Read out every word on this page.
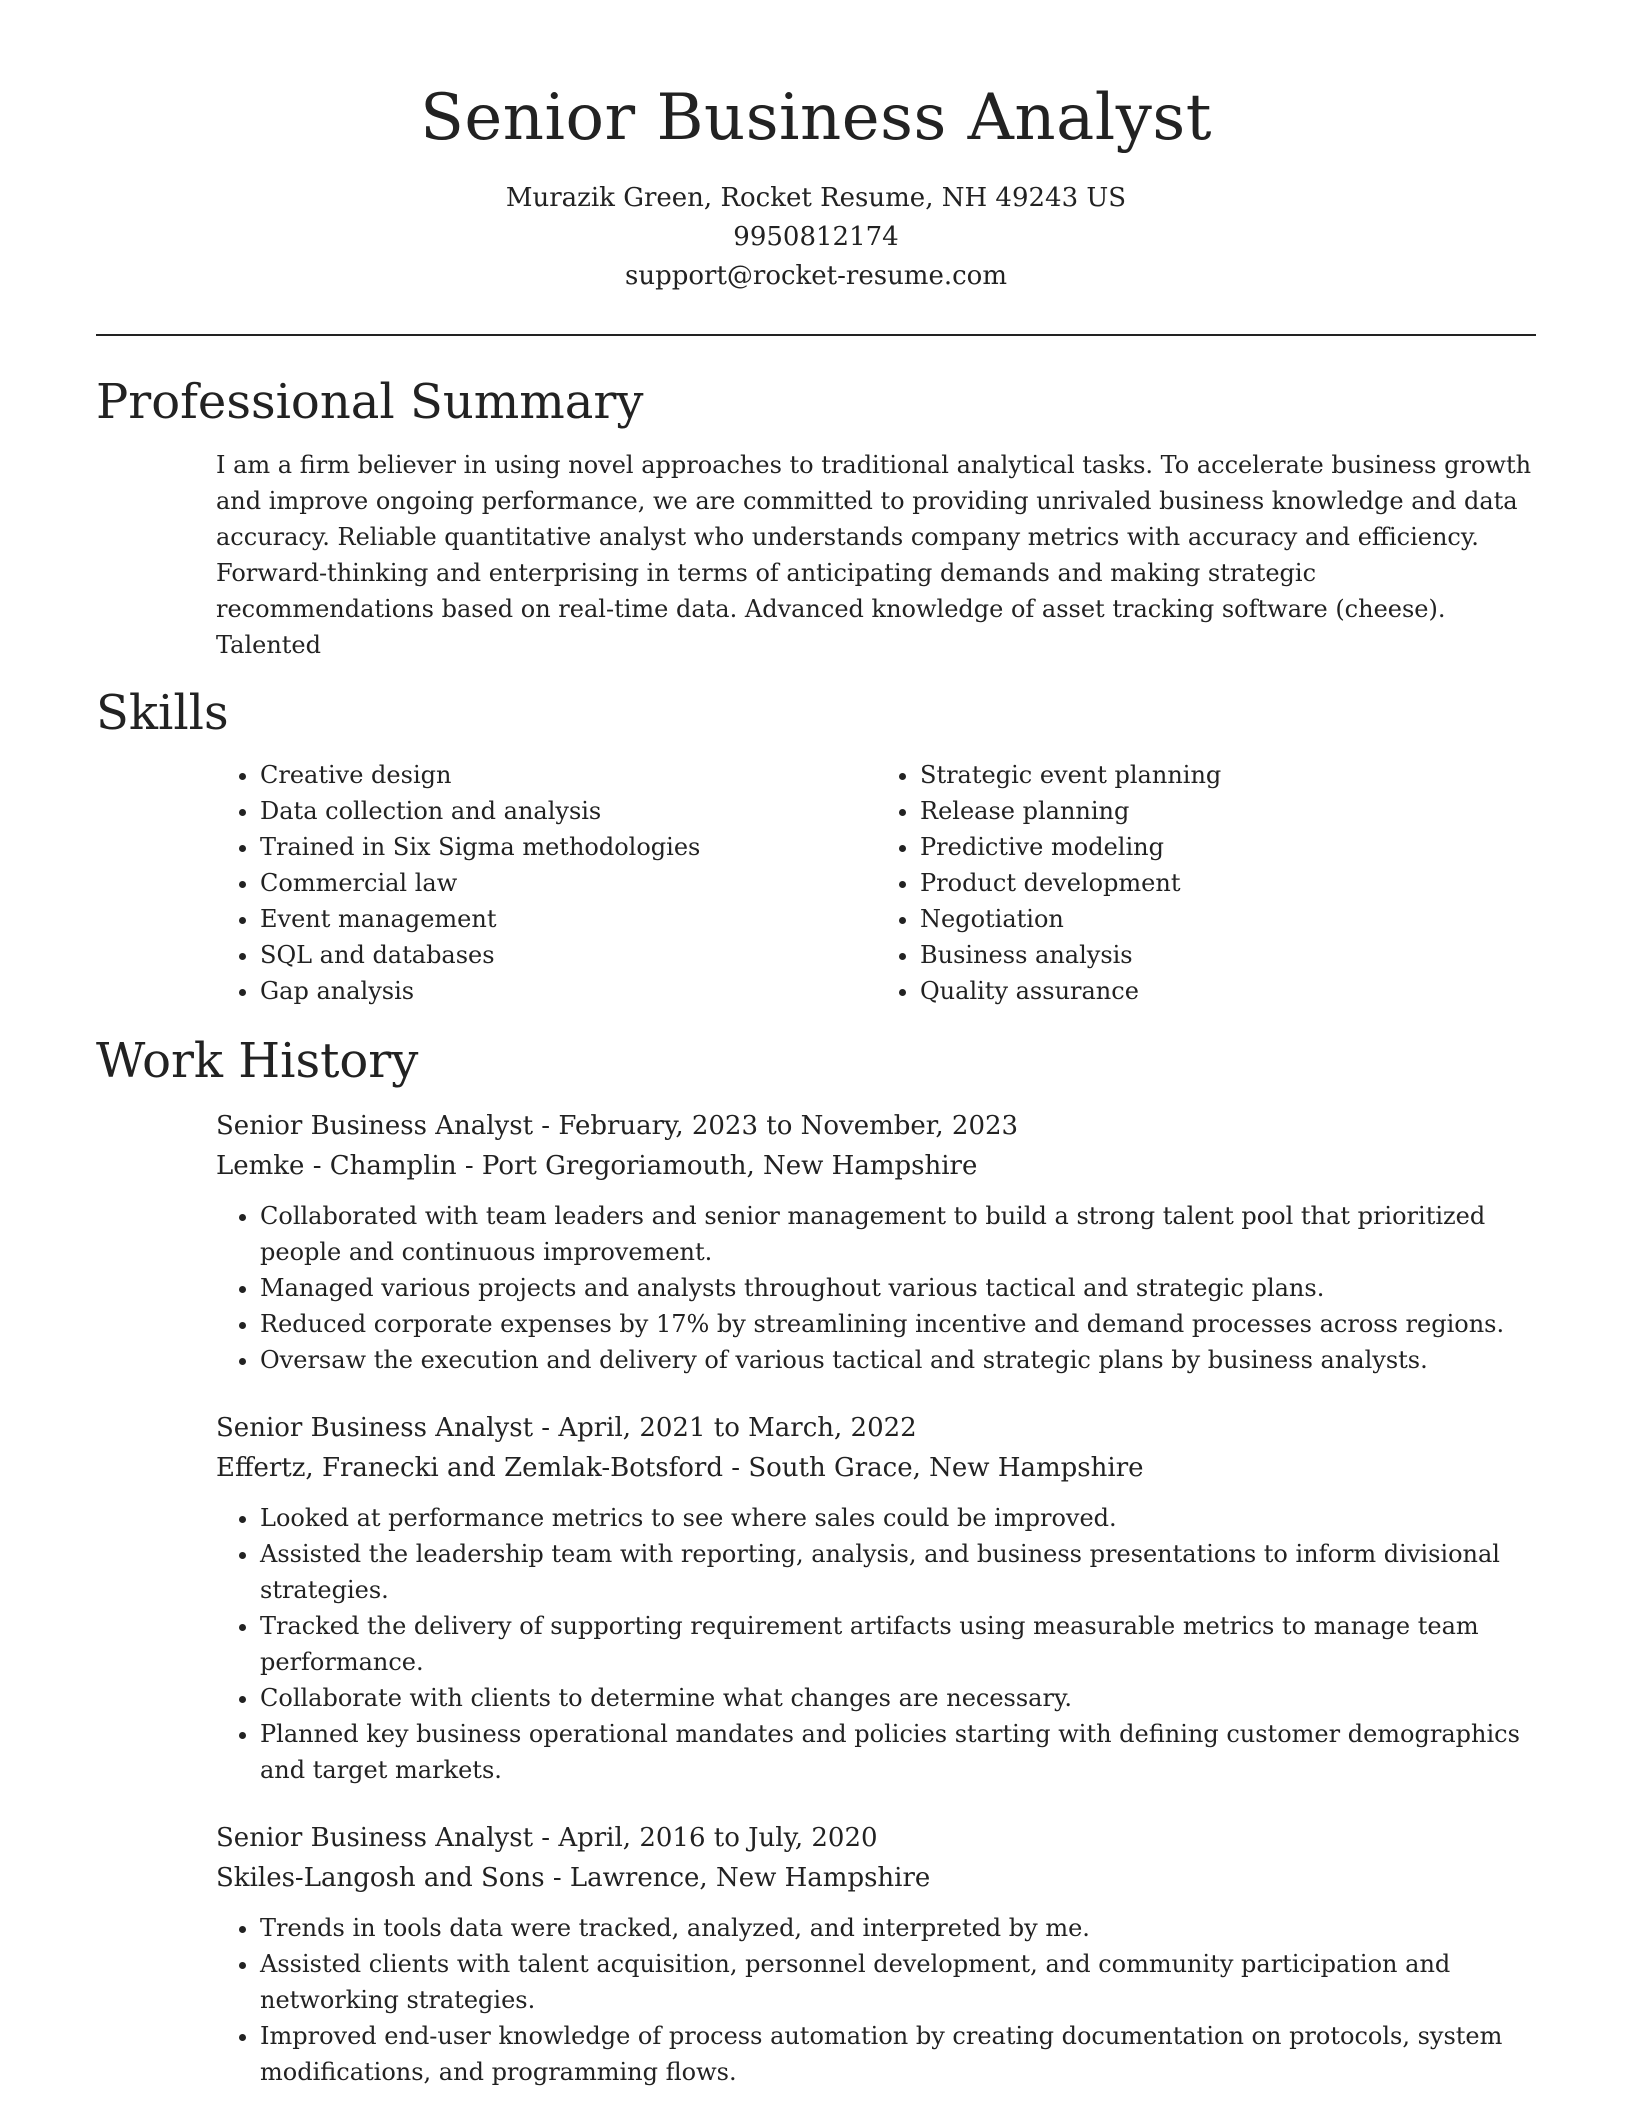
Senior Business Analyst
Murazik Green, Rocket Resume, NH 49243 US
9950812174
support@rocket-resume.com
Professional Summary

I am a firm believer in using novel approaches to traditional analytical tasks. To accelerate business growth and improve ongoing performance, we are committed to providing unrivaled business knowledge and data accuracy. Reliable quantitative analyst who understands company metrics with accuracy and efficiency. Forward-thinking and enterprising in terms of anticipating demands and making strategic recommendations based on real-time data. Advanced knowledge of asset tracking software (cheese). Talented

Skills
• Creative design
• Data collection and analysis
• Trained in Six Sigma methodologies
• Commercial law
• Event management
• SQL and databases
• Gap analysis
• Strategic event planning
• Release planning
• Predictive modeling
• Product development
• Negotiation
• Business analysis
• Quality assurance
Work History
Senior Business Analyst - February, 2023 to November, 2023
Lemke - Champlin - Port Gregoriamouth, New Hampshire
• Collaborated with team leaders and senior management to build a strong talent pool that prioritized people and continuous improvement.
• Managed various projects and analysts throughout various tactical and strategic plans.
• Reduced corporate expenses by 17% by streamlining incentive and demand processes across regions.
• Oversaw the execution and delivery of various tactical and strategic plans by business analysts.
Senior Business Analyst - April, 2021 to March, 2022
Effertz, Franecki and Zemlak-Botsford - South Grace, New Hampshire
• Looked at performance metrics to see where sales could be improved.
• Assisted the leadership team with reporting, analysis, and business presentations to inform divisional strategies.
• Tracked the delivery of supporting requirement artifacts using measurable metrics to manage team performance.
• Collaborate with clients to determine what changes are necessary.
• Planned key business operational mandates and policies starting with defining customer demographics and target markets.
Senior Business Analyst - April, 2016 to July, 2020
Skiles-Langosh and Sons - Lawrence, New Hampshire
• Trends in tools data were tracked, analyzed, and interpreted by me.
• Assisted clients with talent acquisition, personnel development, and community participation and networking strategies.
• Improved end-user knowledge of process automation by creating documentation on protocols, system modifications, and programming flows.
